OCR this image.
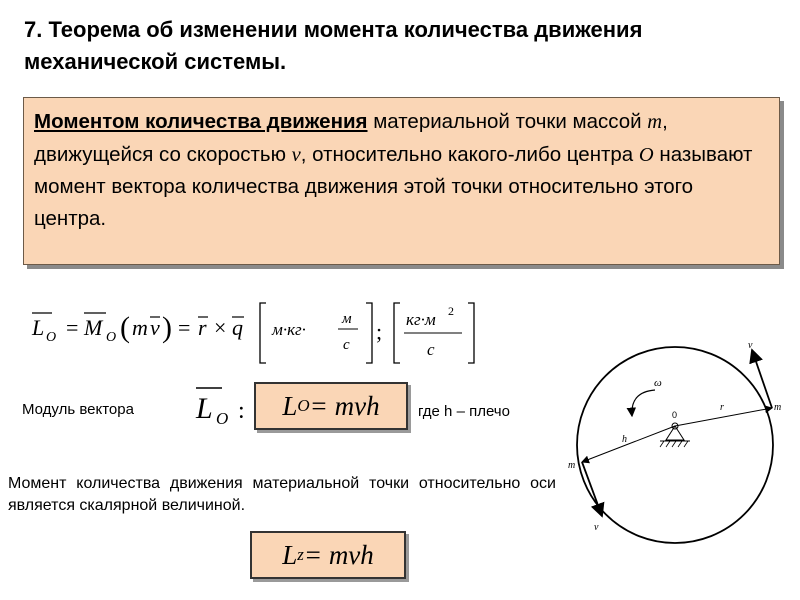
7. Теорема об изменении момента количества движения механической системы.
Моментом количества движения материальной точки массой m, движущейся со скоростью v, относительно какого-либо центра O называют момент вектора количества движения этой точки относительно этого центра.
L O = M O ( m v ) = r × q м·кг·
м
с
; кг·м 2
с
Модуль вектора L O : L O = mvh	где h – плечо
Момент количества движения материальной точки относительно оси является скалярной величиной.
L z = mvh
ω
0
r
h
m
m
v
v
